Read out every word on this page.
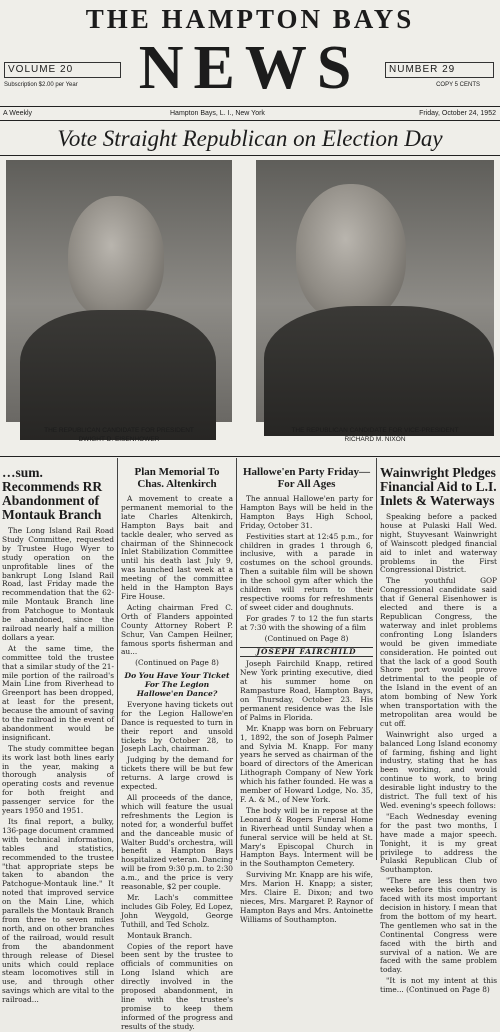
THE HAMPTON BAYS
VOLUME 20
Subscription $2.00 per Year NEWS	NUMBER 29
COPY 5 CENTS
A Weekly	Hampton Bays, L. I., New York	Friday, October 24, 1952
Vote Straight Republican on Election Day
THE REPUBLICAN CANDIDATE FOR PRESIDENT
DWIGHT D. EISENHOWER
THE REPUBLICAN CANDIDATE FOR VICE-PRESIDENT
RICHARD M. NIXON
…sum. Recommends RR Abandonment of Montauk Branch

The Long Island Rail Road Study Committee, requested by Trustee Hugo Wyer to study operation on the unprofitable lines of the bankrupt Long Island Rail Road, last Friday made the recommendation that the 62-mile Montauk Branch line from Patchogue to Montauk be abandoned, since the railroad nearly half a million dollars a year.

At the same time, the committee told the trustee that a similar study of the 21-mile portion of the railroad's Main Line from Riverhead to Greenport has been dropped, at least for the present, because the amount of saving to the railroad in the event of abandonment would be insignificant.

The study committee began its work last both lines early in the year, making a thorough analysis of operating costs and revenue for both freight and passenger service for the years 1950 and 1951.

Its final report, a bulky, 136-page document crammed with technical information, tables and statistics, recommended to the trustee "that appropriate steps be taken to abandon the Patchogue-Montauk line." It noted that improved service on the Main Line, which parallels the Montauk Branch from three to seven miles north, and on other branches of the railroad, would result from the abandonment through release of Diesel units which could replace steam locomotives still in use, and through other savings which are vital to the railroad...

Plan Memorial To Chas. Altenkirch

A movement to create a permanent memorial to the late Charles Altenkirch, Hampton Bays bait and tackle dealer, who served as chairman of the Shinnecock Inlet Stabilization Committee until his death last July 9, was launched last week at a meeting of the committee held in the Hampton Bays Fire House.

Acting chairman Fred C. Orth of Flanders appointed County Attorney Robert P. Schur, Van Campen Heilner, famous sports fisherman and au...

(Continued on Page 8)

Do You Have Your Ticket For The Legion Hallowe'en Dance?

Everyone having tickets out for the Legion Hallowe'en Dance is requested to turn in their report and unsold tickets by October 28, to Joseph Lach, chairman.

Judging by the demand for tickets there will be but few returns. A large crowd is expected.

All proceeds of the dance, which will feature the usual refreshments the Legion is noted for, a wonderful buffet and the danceable music of Walter Budd's orchestra, will benefit a Hampton Bays hospitalized veteran. Dancing will be from 9:30 p.m. to 2:30 a.m., and the price is very reasonable, $2 per couple.

Mr. Lach's committee includes Gib Foley, Ed Lopez, John Weygold, George Tuthill, and Ted Scholz.

Montauk Branch.

Copies of the report have been sent by the trustee to officials of communities on Long Island which are directly involved in the proposed abandonment, in line with the trustee's promise to keep them informed of the progress and results of the study.

Hallowe'en Party Friday—For All Ages

The annual Hallowe'en party for Hampton Bays will be held in the Hampton Bays High School, Friday, October 31.

Festivities start at 12:45 p.m., for children in grades 1 through 6, inclusive, with a parade in costumes on the school grounds. Then a suitable film will be shown in the school gym after which the children will return to their respective rooms for refreshments of sweet cider and doughnuts.

For grades 7 to 12 the fun starts at 7:30 with the showing of a film

(Continued on Page 8)

JOSEPH FAIRCHILD

Joseph Fairchild Knapp, retired New York printing executive, died at his summer home on Rampasture Road, Hampton Bays, on Thursday, October 23. His permanent residence was the Isle of Palms in Florida.

Mr. Knapp was born on February 1, 1892, the son of Joseph Palmer and Sylvia M. Knapp. For many years he served as chairman of the board of directors of the American Lithograph Company of New York which his father founded. He was a member of Howard Lodge, No. 35, F. A. & M., of New York.

The body will be in repose at the Leonard & Rogers Funeral Home in Riverhead until Sunday when a funeral service will be held at St. Mary's Episcopal Church in Hampton Bays. Interment will be in the Southampton Cemetery.

Surviving Mr. Knapp are his wife, Mrs. Marion H. Knapp; a sister, Mrs. Claire E. Dixon; and two nieces, Mrs. Margaret P. Raynor of Hampton Bays and Mrs. Antoinette Williams of Southampton.

Wainwright Pledges Financial Aid to L.I. Inlets & Waterways

Speaking before a packed house at Pulaski Hall Wed. night, Stuyvesant Wainwright of Wainscott pledged financial aid to inlet and waterway problems in the First Congressional District.

The youthful GOP Congressional candidate said that if General Eisenhower is elected and there is a Republican Congress, the waterway and inlet problems confronting Long Islanders would be given immediate consideration. He pointed out that the lack of a good South Shore port would prove detrimental to the people of the Island in the event of an atom bombing of New York when transportation with the metropolitan area would be cut off.

Wainwright also urged a balanced Long Island economy of farming, fishing and light industry, stating that he has been working, and would continue to work, to bring desirable light industry to the district. The full text of his Wed. evening's speech follows:

"Each Wednesday evening for the past two months, I have made a major speech. Tonight, it is my great privilege to address the Pulaski Republican Club of Southampton.

"There are less then two weeks before this country is faced with its most important decision in history. I mean that from the bottom of my heart. The gentlemen who sat in the Continental Congress were faced with the birth and survival of a nation. We are faced with the same problem today.

"It is not my intent at this time... (Continued on Page 8)
